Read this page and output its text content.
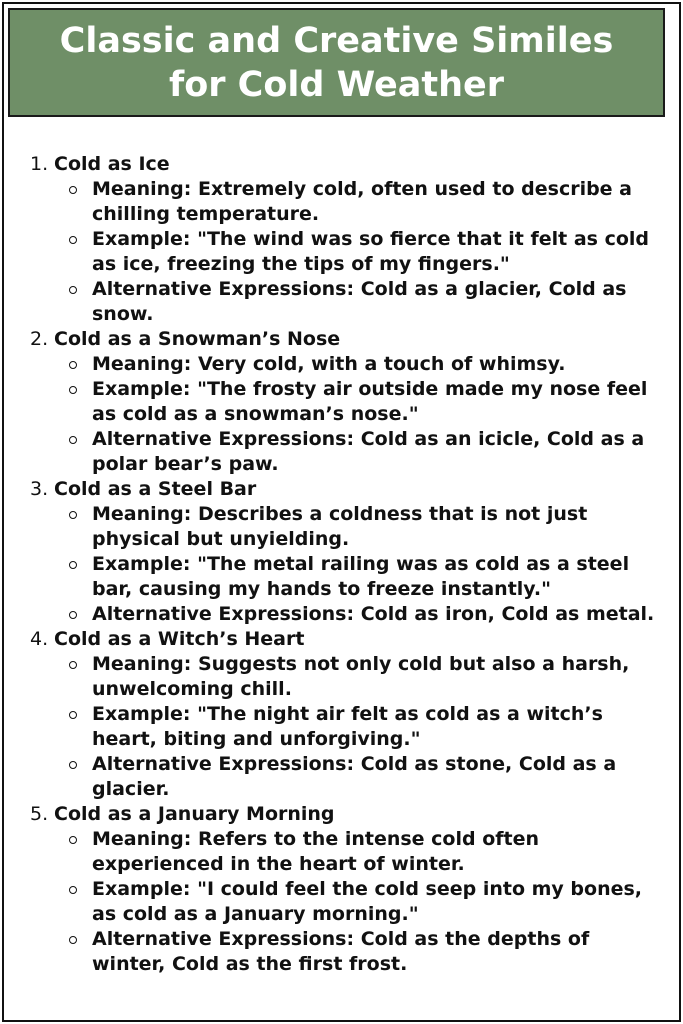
Classic and Creative Similes
for Cold Weather
1. Cold as Ice
Meaning: Extremely cold, often used to describe a
chilling temperature.
Example: "The wind was so fierce that it felt as cold
as ice, freezing the tips of my fingers."
Alternative Expressions: Cold as a glacier, Cold as
snow.
2. Cold as a Snowman’s Nose
Meaning: Very cold, with a touch of whimsy.
Example: "The frosty air outside made my nose feel
as cold as a snowman’s nose."
Alternative Expressions: Cold as an icicle, Cold as a
polar bear’s paw.
3. Cold as a Steel Bar
Meaning: Describes a coldness that is not just
physical but unyielding.
Example: "The metal railing was as cold as a steel
bar, causing my hands to freeze instantly."
Alternative Expressions: Cold as iron, Cold as metal.
4. Cold as a Witch’s Heart
Meaning: Suggests not only cold but also a harsh,
unwelcoming chill.
Example: "The night air felt as cold as a witch’s
heart, biting and unforgiving."
Alternative Expressions: Cold as stone, Cold as a
glacier.
5. Cold as a January Morning
Meaning: Refers to the intense cold often
experienced in the heart of winter.
Example: "I could feel the cold seep into my bones,
as cold as a January morning."
Alternative Expressions: Cold as the depths of
winter, Cold as the first frost.
